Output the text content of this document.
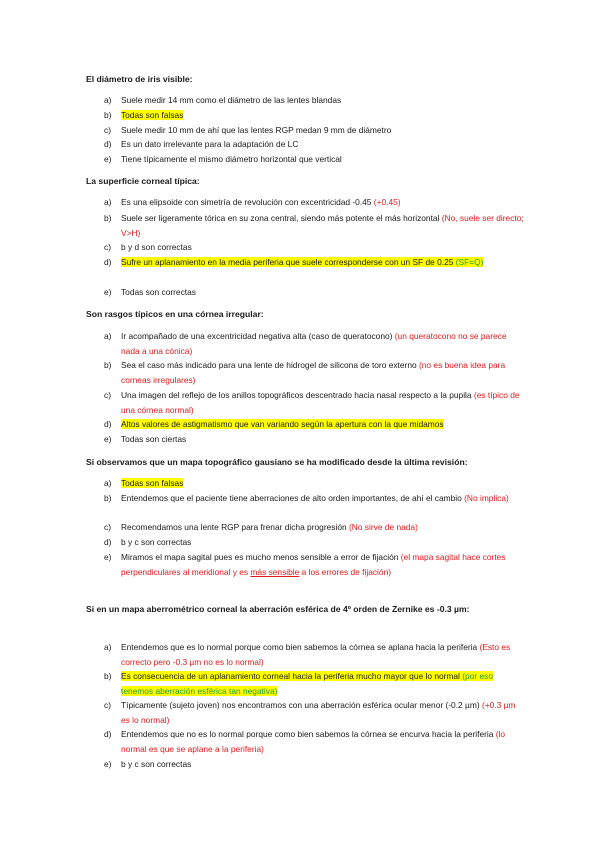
El diámetro de iris visible:
a)	Suele medir 14 mm como el diámetro de las lentes blandas
b)	Todas son falsas
c)	Suele medir 10 mm de ahí que las lentes RGP medan 9 mm de diámetro
d)	Es un dato irrelevante para la adaptación de LC
e)	Tiene típicamente el mismo diámetro horizontal que vertical
La superficie corneal típica:
a)	Es una elipsoide con simetría de revolución con excentricidad -0.45 (+0.45)
b)	Suele ser ligeramente tórica en su zona central, siendo más potente el más horizontal (No, suele ser directo; V>H)
c)	b y d son correctas
d)	Sufre un aplanamiento en la media periferia que suele corresponderse con un SF de 0.25 (SF=Q)
e)	Todas son correctas
Son rasgos típicos en una córnea irregular:
a)	Ir acompañado de una excentricidad negativa alta (caso de queratocono) (un queratocono no se parece nada a una cónica)
b)	Sea el caso más indicado para una lente de hidrogel de silicona de toro externo (no es buena idea para corneas irregulares)
c)	Una imagen del reflejo de los anillos topográficos descentrado hacia nasal respecto a la pupila (es típico de una córnea normal)
d)	Altos valores de astigmatismo que van variando según la apertura con la que midamos
e)	Todas son ciertas
Si observamos que un mapa topográfico gausiano se ha modificado desde la última revisión:
a)	Todas son falsas
b)	Entendemos que el paciente tiene aberraciones de alto orden importantes, de ahí el cambio (No implica)
c)	Recomendamos una lente RGP para frenar dicha progresión (No sirve de nada)
d)	b y c son correctas
e)	Miramos el mapa sagital pues es mucho menos sensible a error de fijación (el mapa sagital hace cortes perpendiculares al meridional y es más sensible a los errores de fijación)
Si en un mapa aberrométrico corneal la aberración esférica de 4º orden de Zernike es -0.3 µm:
a)	Entendemos que es lo normal porque como bien sabemos la córnea se aplana hacia la periferia (Esto es correcto pero -0.3 µm no es lo normal)
b)	Es consecuencia de un aplanamiento corneal hacia la periferia mucho mayor que lo normal (por eso tenemos aberración esférica tan negativa)
c)	Típicamente (sujeto joven) nos encontramos con una aberración esférica ocular menor (-0.2 µm) (+0.3 µm es lo normal)
d)	Entendemos que no es lo normal porque como bien sabemos la córnea se encurva hacia la periferia (lo normal es que se aplane a la periferia)
e)	b y c son correctas
